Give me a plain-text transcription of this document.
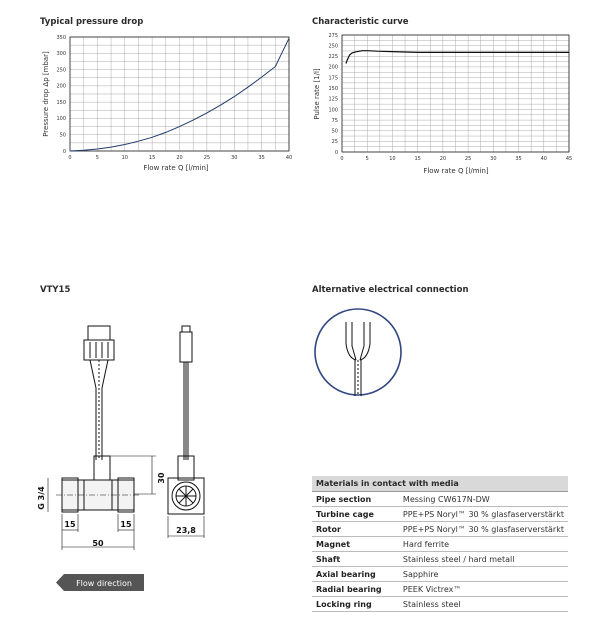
Typical pressure drop	Characteristic curve
VTY15	Alternative electrical connection
0	5	10	15	20	25	30	35	40
0
50
100
150
200
250
300
350
Flow rate Q [l/min]
Pressure drop Δp [mbar]
0	5	10	15	20	25	30	35	40	45
0
25
50
75
100
125
150
175
200
225
250
275
Flow rate Q [l/min]
Pulse rate [1/l]
G 3/4
15	15
50
30
23,8
Flow direction
Materials in contact with media	
Pipe section	Messing CW617N-DW
Turbine cage	PPE+PS Noryl™ 30 % glasfaserverstärkt
Rotor	PPE+PS Noryl™ 30 % glasfaserverstärkt
Magnet	Hard ferrite
Shaft	Stainless steel / hard metall
Axial bearing	Sapphire
Radial bearing	PEEK Victrex™
Locking ring	Stainless steel
